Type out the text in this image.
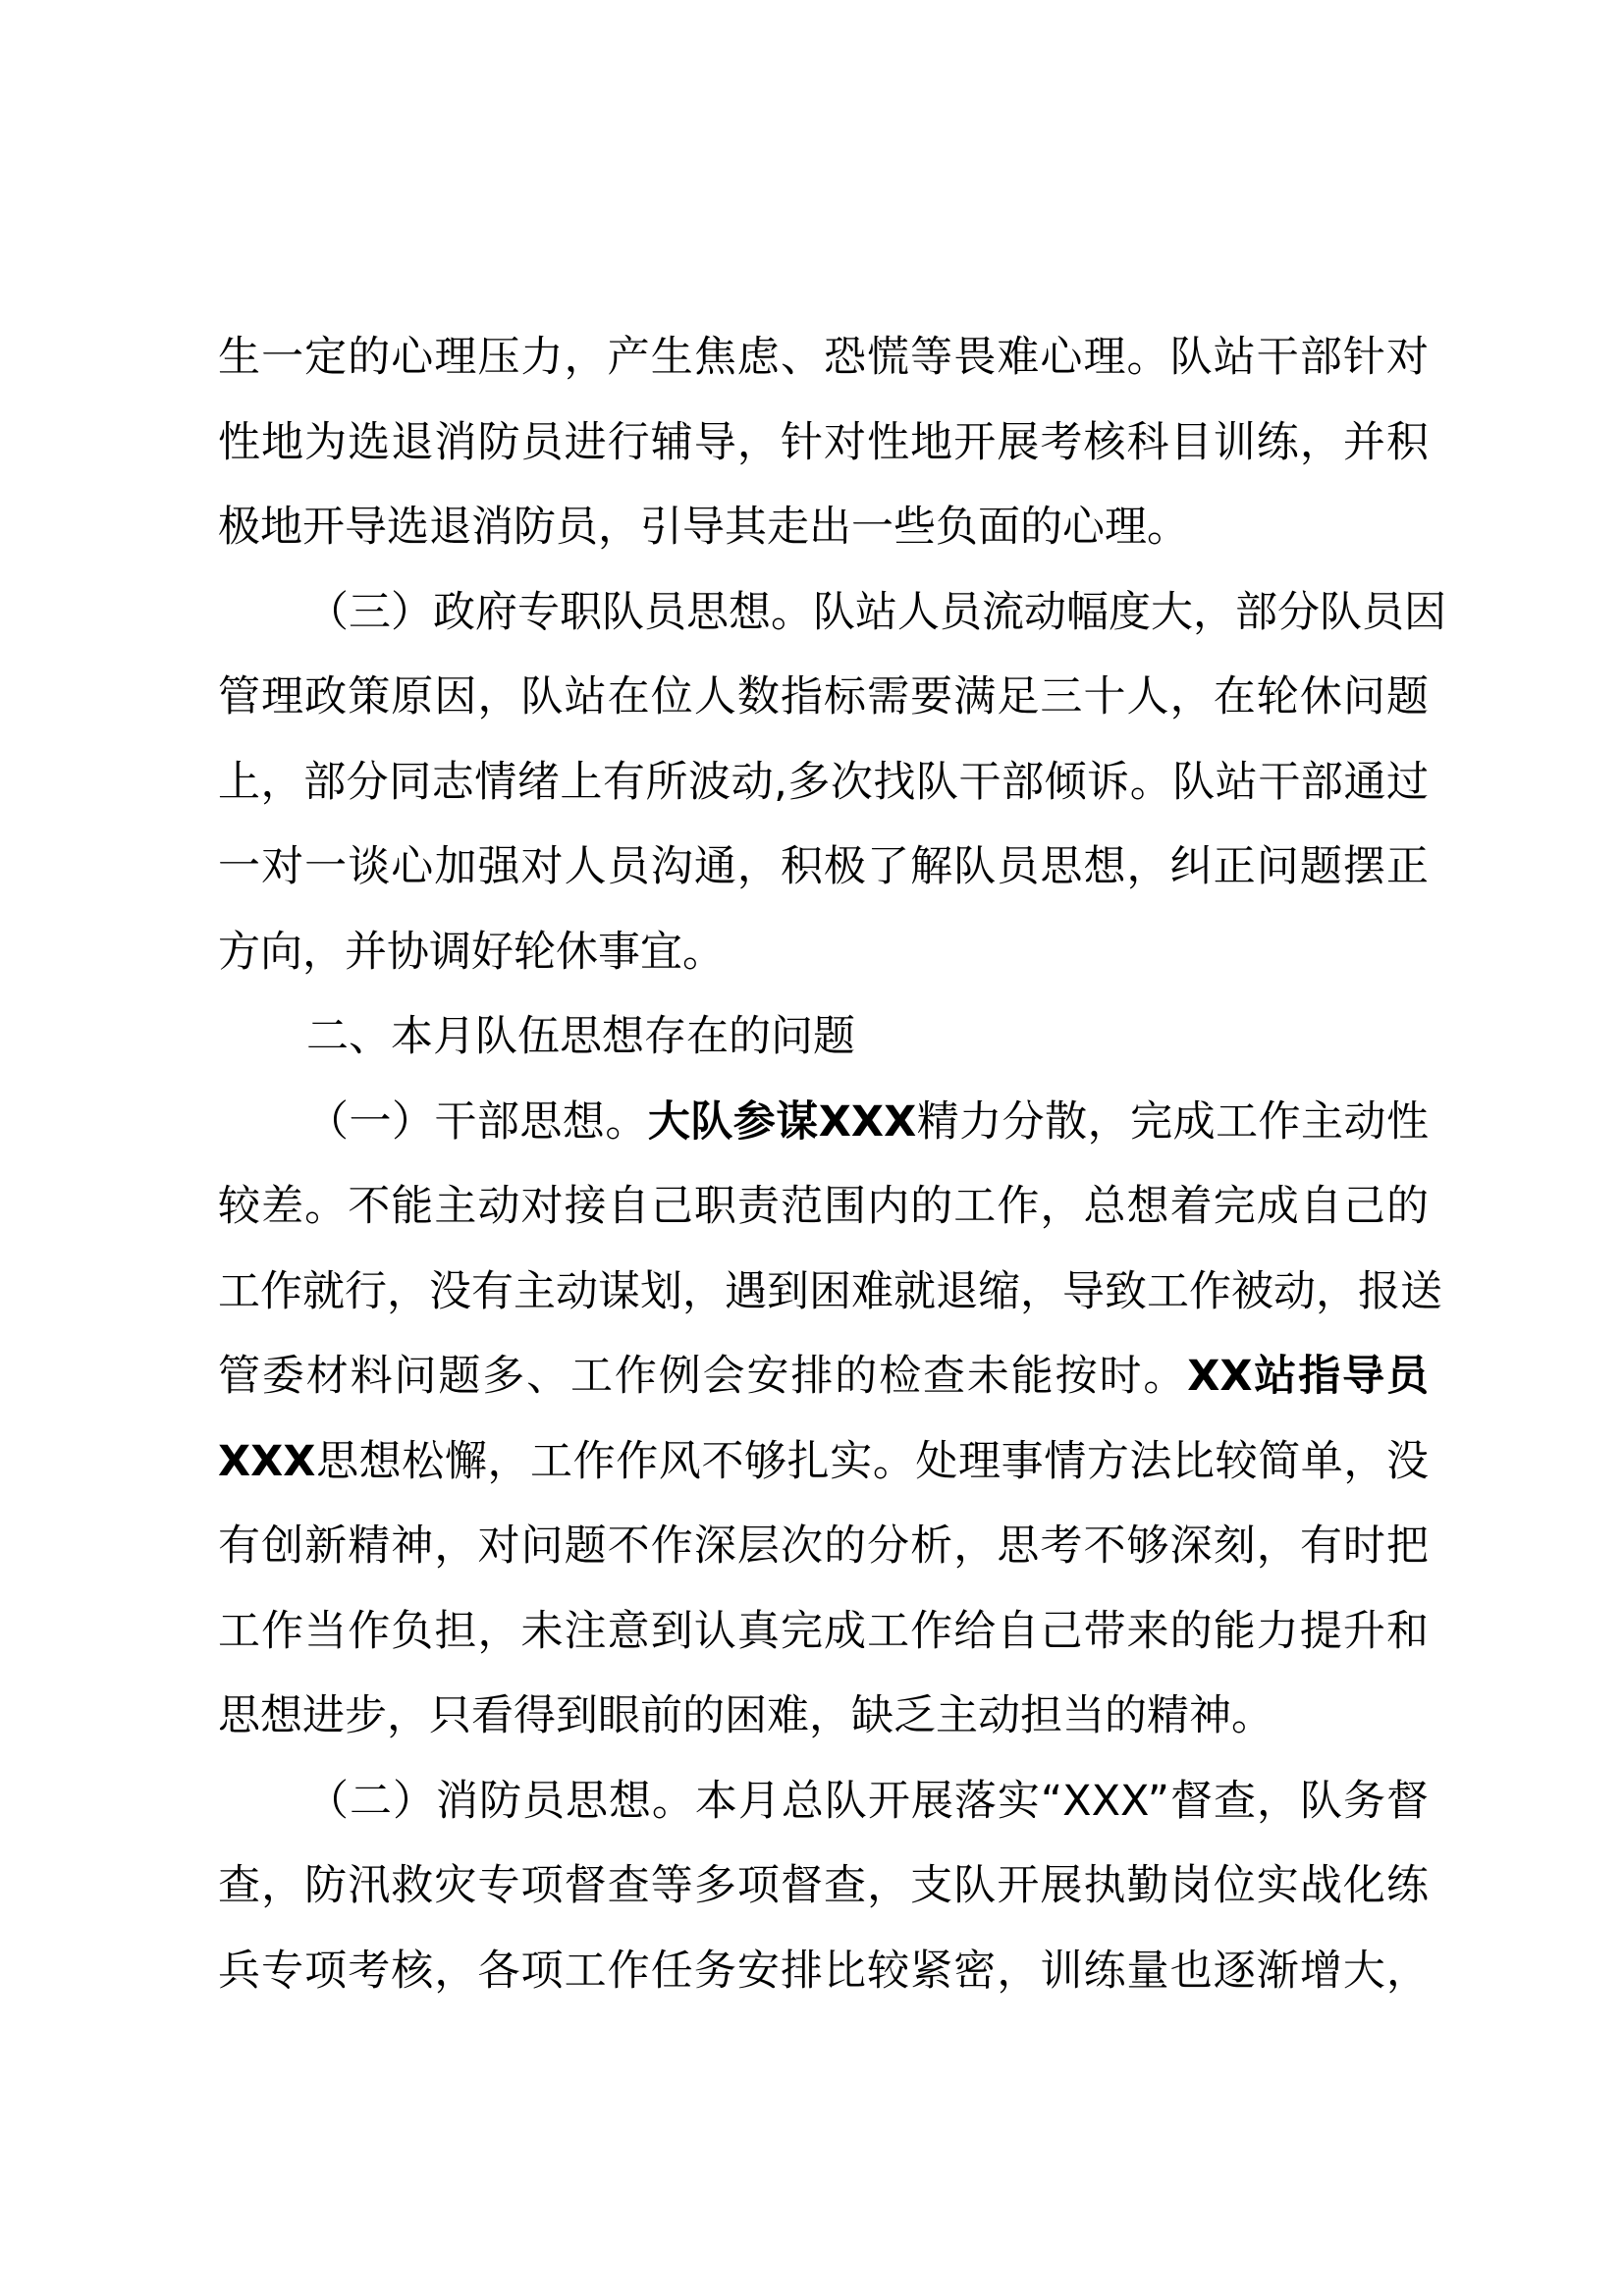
生一定的心理压力，产生焦虑、恐慌等畏难心理。队站干部针对
性地为选退消防员进行辅导，针对性地开展考核科目训练，并积
极地开导选退消防员，引导其走出一些负面的心理。
（三）政府专职队员思想。队站人员流动幅度大，部分队员因
管理政策原因，队站在位人数指标需要满足三十人，在轮休问题
上，部分同志情绪上有所波动,多次找队干部倾诉。队站干部通过
一对一谈心加强对人员沟通，积极了解队员思想，纠正问题摆正
方向，并协调好轮休事宜。
二、本月队伍思想存在的问题
（一）干部思想。大队参谋XXX精力分散，完成工作主动性
较差。不能主动对接自己职责范围内的工作，总想着完成自己的
工作就行，没有主动谋划，遇到困难就退缩，导致工作被动，报送
管委材料问题多、工作例会安排的检查未能按时。XX站指导员
XXX思想松懈，工作作风不够扎实。处理事情方法比较简单，没
有创新精神，对问题不作深层次的分析，思考不够深刻，有时把
工作当作负担，未注意到认真完成工作给自己带来的能力提升和
思想进步，只看得到眼前的困难，缺乏主动担当的精神。
（二）消防员思想。本月总队开展落实“XXX”督查，队务督
查，防汛救灾专项督查等多项督查，支队开展执勤岗位实战化练
兵专项考核，各项工作任务安排比较紧密，训练量也逐渐增大，
